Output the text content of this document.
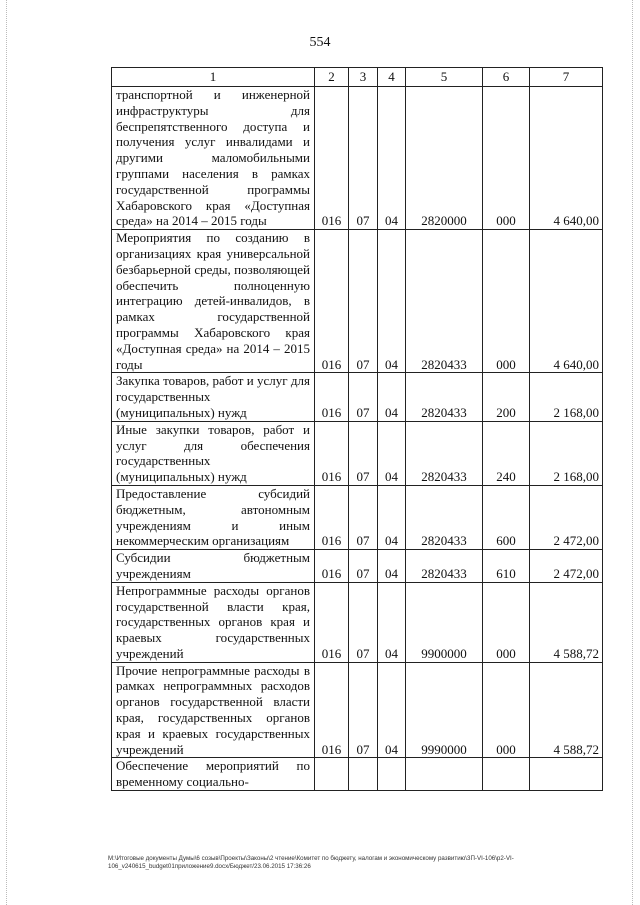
554
1	2	3	4	5	6	7
транспортной и инженерной инфраструктуры для беспрепятственного доступа и получения услуг инвалидами и другими маломобильными группами населения в рамках государственной программы Хабаровского края «Доступная среда» на 2014 – 2015 годы	016	07	04	2820000	000	4 640,00
Мероприятия по созданию в организациях края универсальной безбарьерной среды, позволяющей обеспечить полноценную интеграцию детей-инвалидов, в рамках государственной программы Хабаровского края «Доступная среда» на 2014 – 2015 годы	016	07	04	2820433	000	4 640,00
Закупка товаров, работ и услуг для государственных (муниципальных) нужд	016	07	04	2820433	200	2 168,00
Иные закупки товаров, работ и услуг для обеспечения государственных (муниципальных) нужд	016	07	04	2820433	240	2 168,00
Предоставление субсидий бюджетным, автономным учреждениям и иным некоммерческим организациям	016	07	04	2820433	600	2 472,00
Субсидии бюджетным учреждениям	016	07	04	2820433	610	2 472,00
Непрограммные расходы органов государственной власти края, государственных органов края и краевых государственных учреждений	016	07	04	9900000	000	4 588,72
Прочие непрограммные расходы в рамках непрограммных расходов органов государственной власти края, государственных органов края и краевых государственных учреждений	016	07	04	9990000	000	4 588,72
Обеспечение мероприятий по временному социально-						
M:\Итоговые документы Думы\6 созыв\Проекты\Законы\2 чтение\Комитет по бюджету, налогам и экономическому развитию\3П-VI-106\р2-VI-106_v240615_budget01приложение9.docx/Бюджет/23.06.2015 17:36:26
